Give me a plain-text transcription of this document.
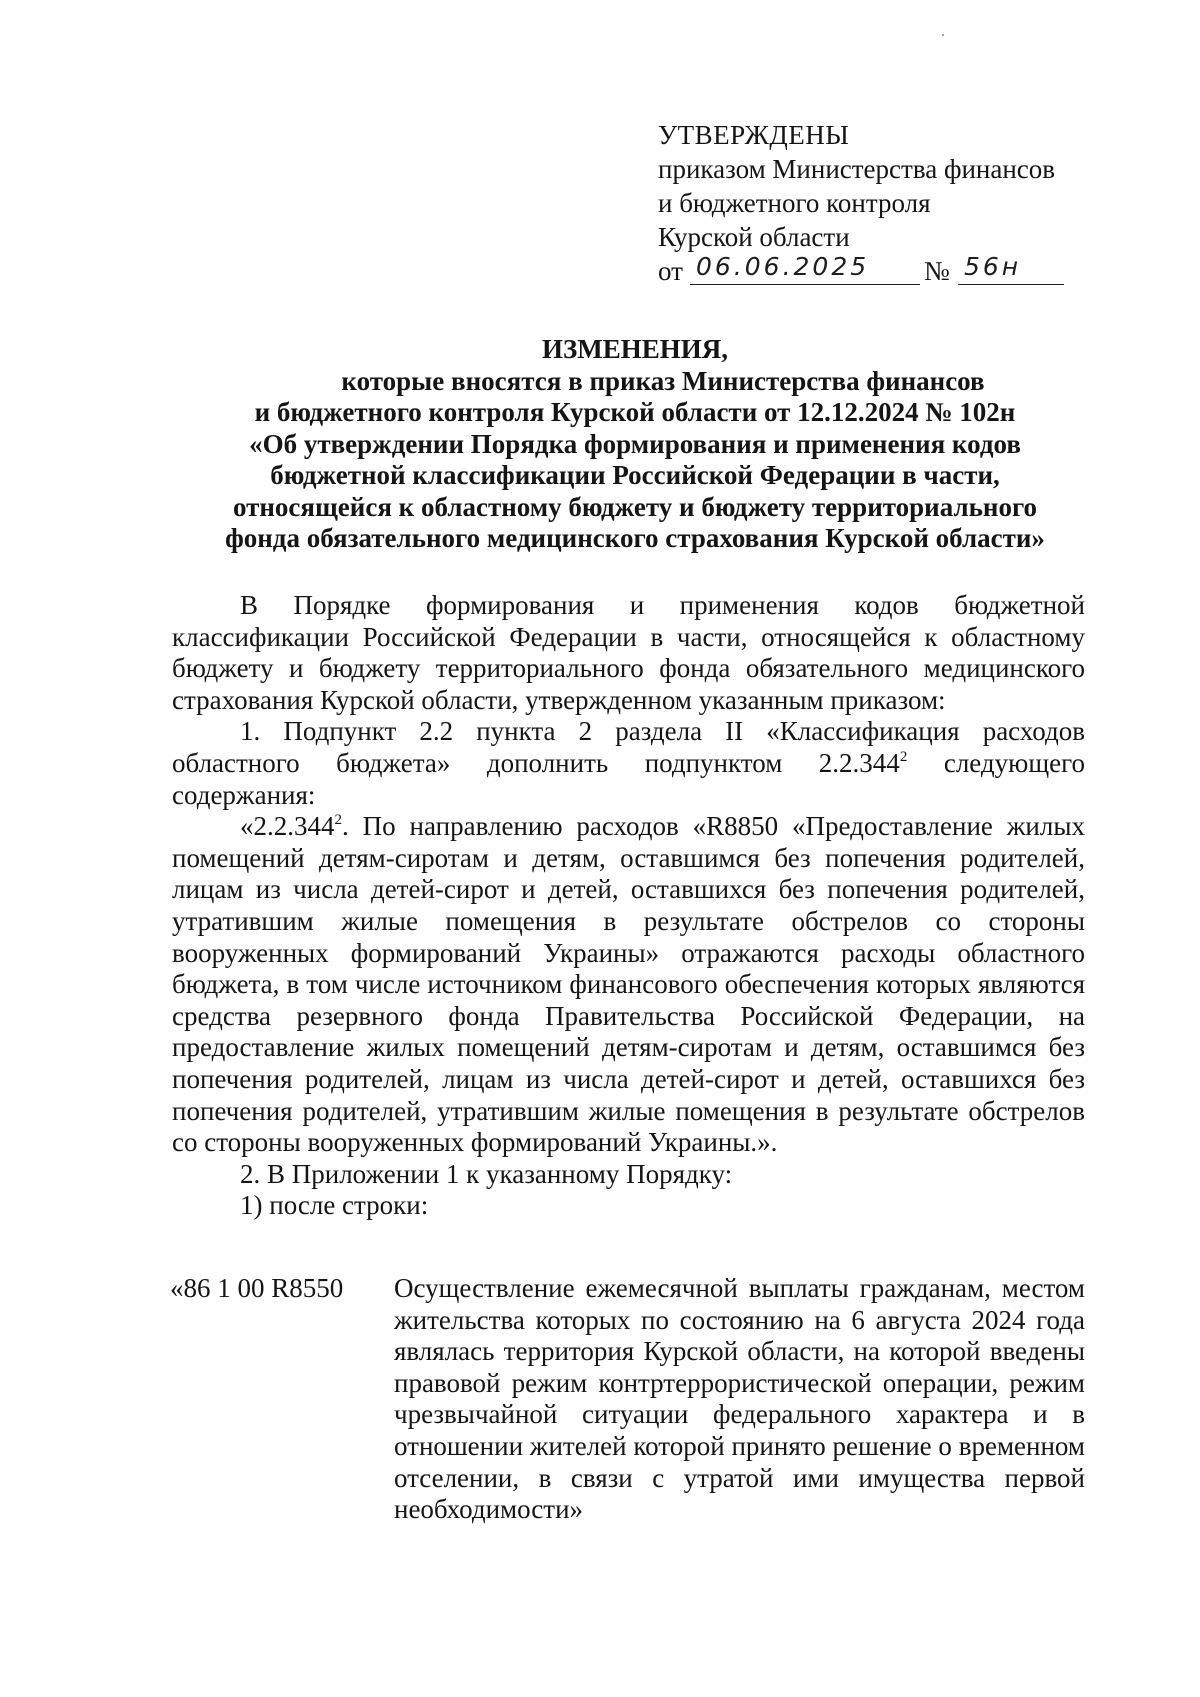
УТВЕРЖДЕНЫ
приказом Министерства финансов
и бюджетного контроля
Курской области
от 06.06.2025	№ 56н
ИЗМЕНЕНИЯ,
которые вносятся в приказ Министерства финансов
и бюджетного контроля Курской области от 12.12.2024 № 102н
«Об утверждении Порядка формирования и применения кодов
бюджетной классификации Российской Федерации в части,
относящейся к областному бюджету и бюджету территориального
фонда обязательного медицинского страхования Курской области»

В Порядке формирования и применения кодов бюджетной классификации Российской Федерации в части, относящейся к областному бюджету и бюджету территориального фонда обязательного медицинского страхования Курской области, утвержденном указанным приказом:

1. Подпункт 2.2 пункта 2 раздела II «Классификация расходов областного бюджета» дополнить подпунктом 2.2.344$^2$ следующего содержания:

«2.2.344$^2$. По направлению расходов «R8850 «Предоставление жилых помещений детям-сиротам и детям, оставшимся без попечения родителей, лицам из числа детей-сирот и детей, оставшихся без попечения родителей, утратившим жилые помещения в результате обстрелов со стороны вооруженных формирований Украины» отражаются расходы областного бюджета, в том числе источником финансового обеспечения которых являются средства резервного фонда Правительства Российской Федерации, на предоставление жилых помещений детям-сиротам и детям, оставшимся без попечения родителей, лицам из числа детей-сирот и детей, оставшихся без попечения родителей, утратившим жилые помещения в результате обстрелов со стороны вооруженных формирований Украины.».

2. В Приложении 1 к указанному Порядку:

1) после строки:

«86 1 00 R8550 Осуществление ежемесячной выплаты гражданам, местом жительства которых по состоянию на 6 августа 2024 года являлась территория Курской области, на которой введены правовой режим контртеррористической операции, режим чрезвычайной ситуации федерального характера и в отношении жителей которой принято решение о временном отселении, в связи с утратой ими имущества первой необходимости»
